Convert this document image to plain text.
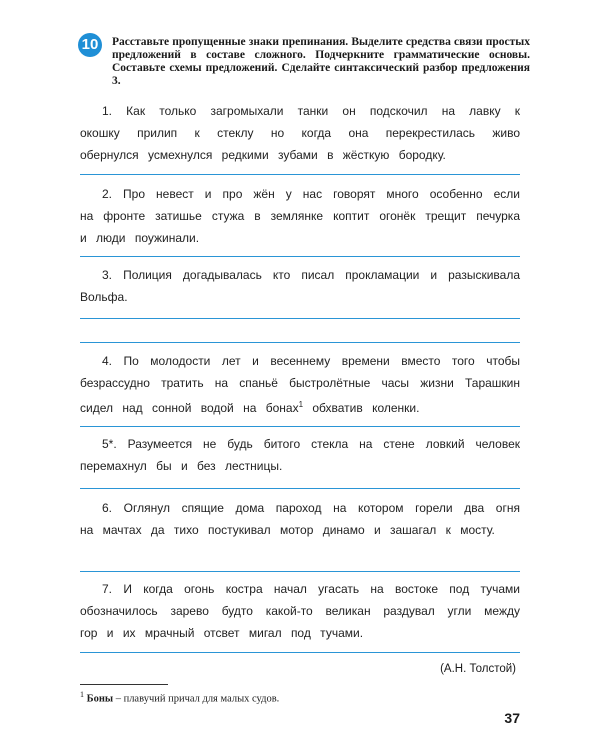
10	Расставьте пропущенные знаки препинания. Выделите средства связи простых предложений в составе сложного. Подчеркните грамматические основы. Составьте схемы предложений. Сделайте синтаксический разбор предложения 3.
1. Как только загромыхали танки он подскочил на лавку к окошку прилип к стеклу но когда она перекрестилась живо обернулся усмехнулся редкими зубами в жёсткую бородку.
2. Про невест и про жён у нас говорят много особенно если на фронте затишье стужа в землянке коптит огонёк трещит печурка и люди поужинали.
3. Полиция догадывалась кто писал прокламации и разыскивала Вольфа.
4. По молодости лет и весеннему времени вместо того чтобы безрассудно тратить на спаньё быстролётные часы жизни Тарашкин сидел над сонной водой на бонах$^1$ обхватив коленки.
5*. Разумеется не будь битого стекла на стене ловкий человек перемахнул бы и без лестницы.
6. Оглянул спящие дома пароход на котором горели два огня на мачтах да тихо постукивал мотор динамо и зашагал к мосту.
7. И когда огонь костра начал угасать на востоке под тучами обозначилось зарево будто какой-то великан раздувал угли между гор и их мрачный отсвет мигал под тучами.
(А.Н. Толстой)
$^1$ Боны – плавучий причал для малых судов.
37
